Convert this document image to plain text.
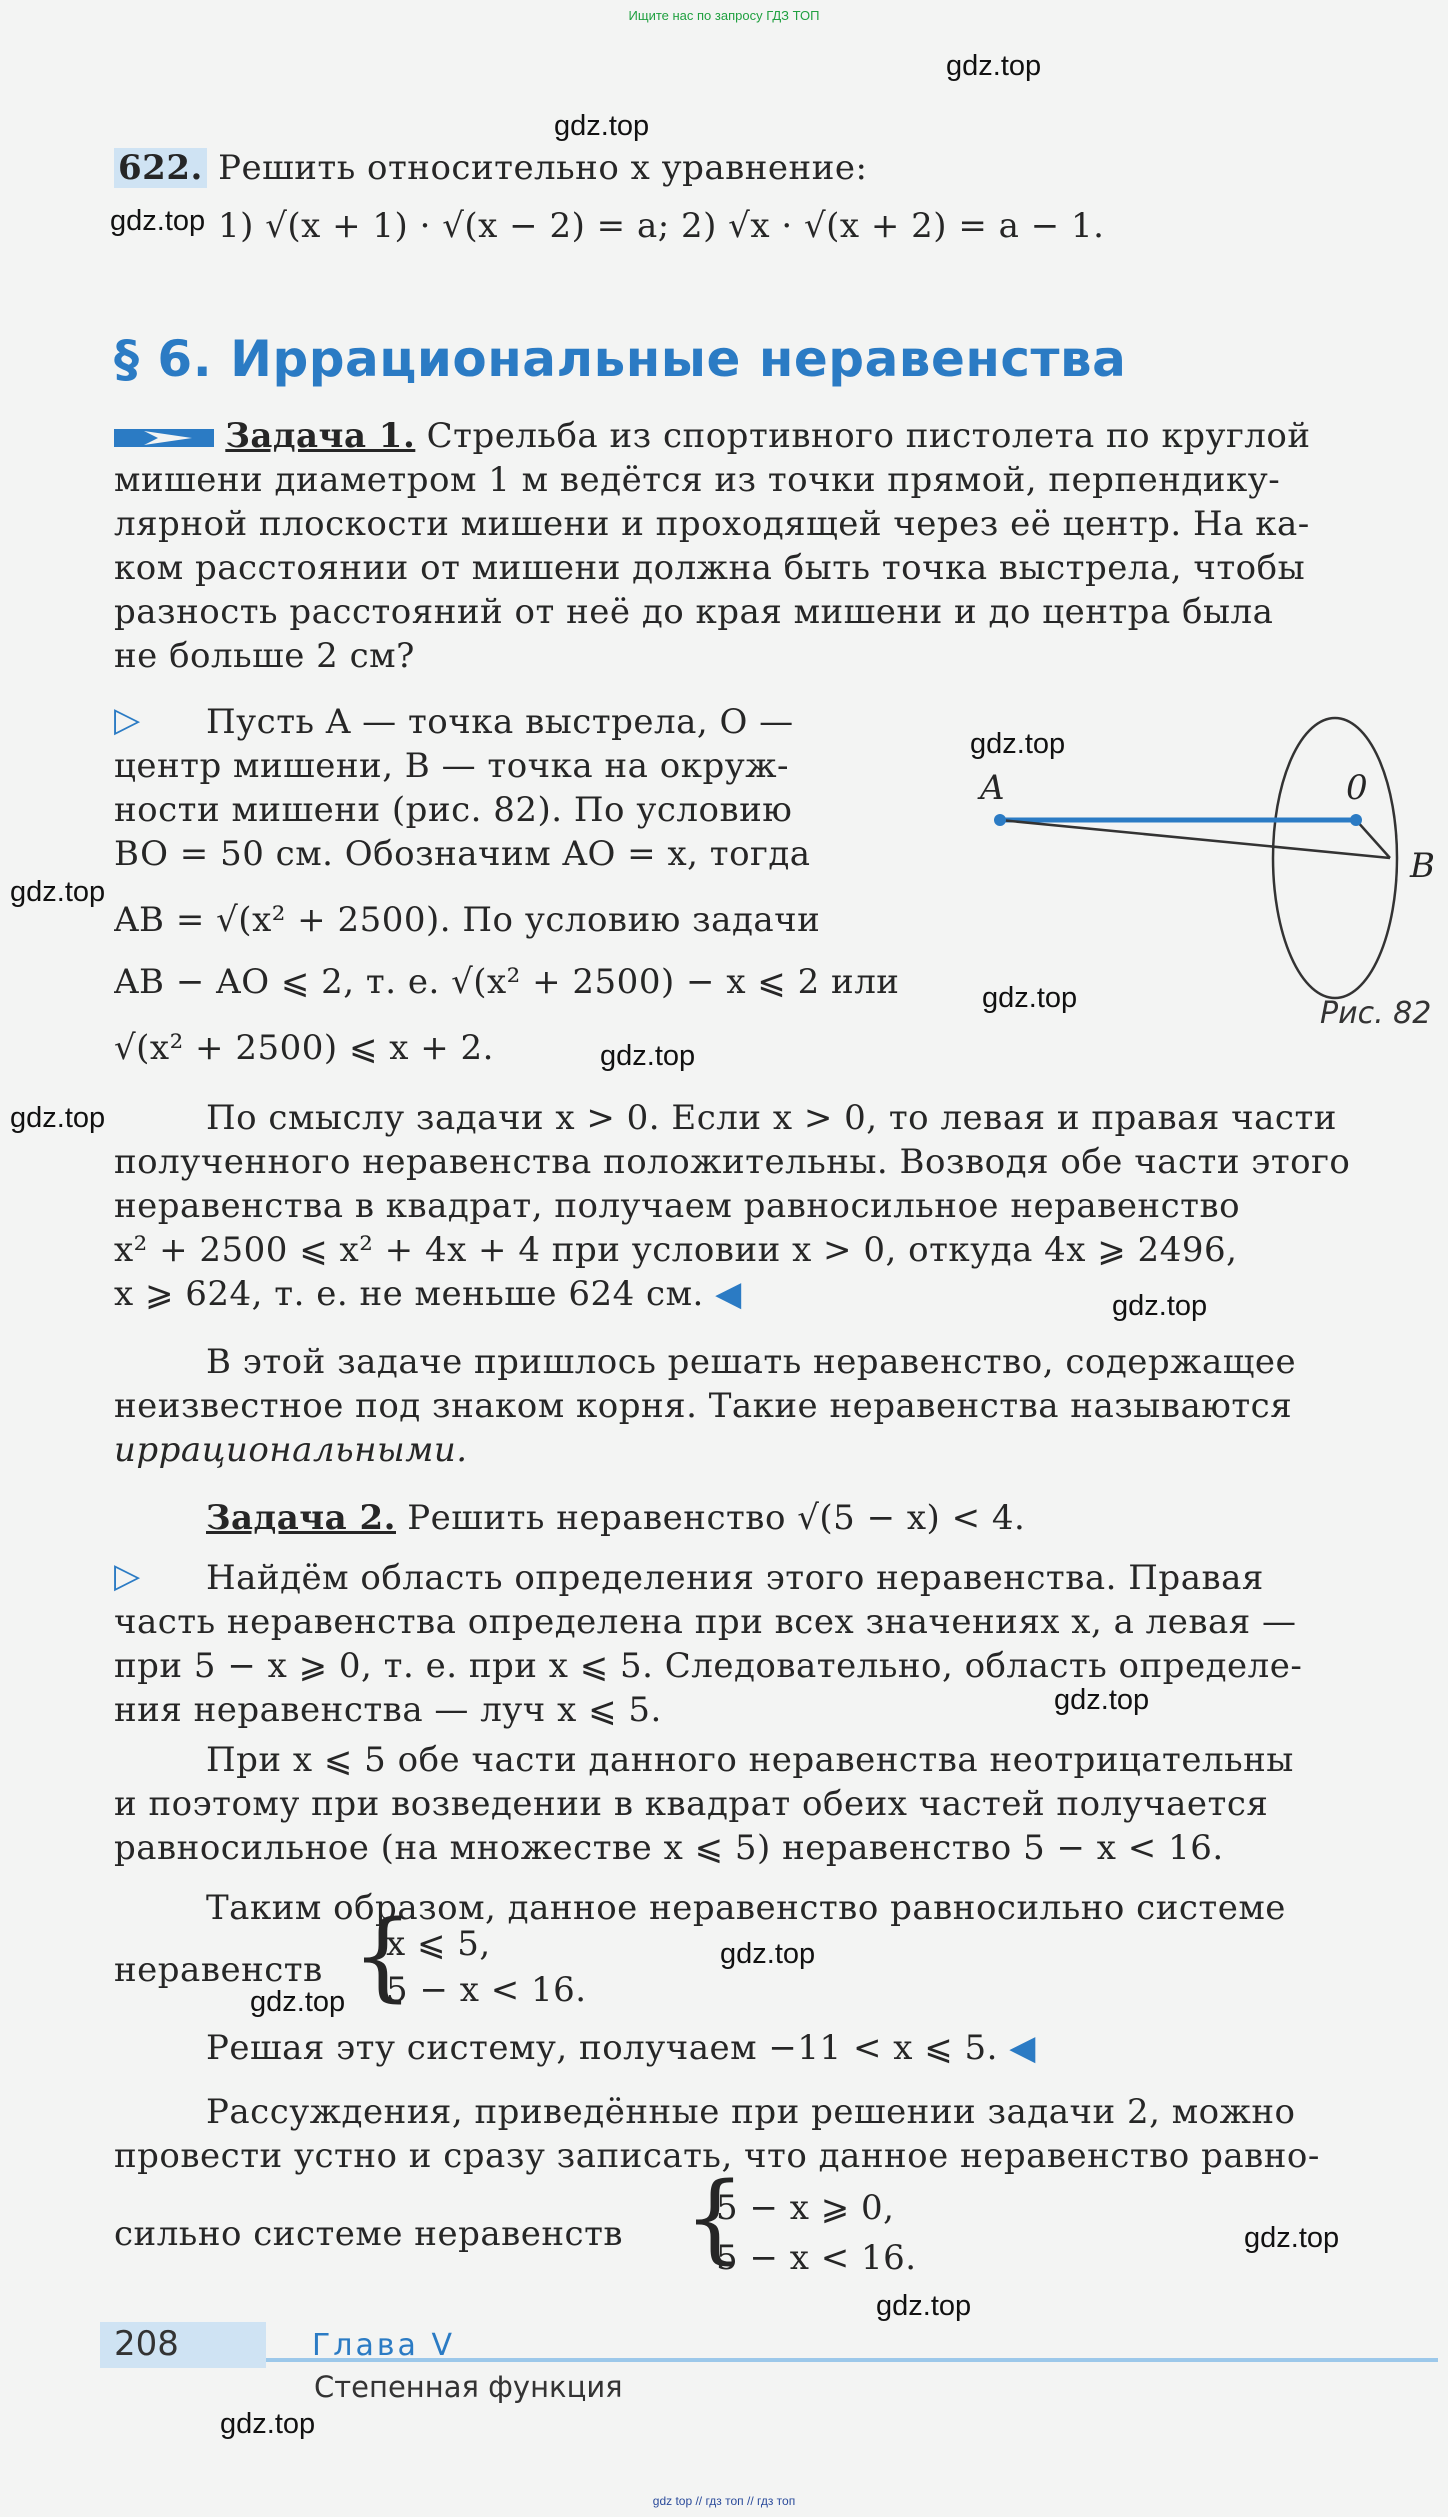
Ищите нас по запросу ГДЗ ТОП
gdz.top
gdz.top
gdz.top
gdz.top
gdz.top
gdz.top
gdz.top
gdz.top
gdz.top
gdz.top
gdz.top
gdz.top
gdz.top
gdz.top
gdz.top
622. Решить относительно x уравнение:
1) √(x + 1) · √(x − 2) = a; 2) √x · √(x + 2) = a − 1.
§ 6. Иррациональные неравенства
Задача 1. Стрельба из спортивного пистолета по круглой
мишени диаметром 1 м ведётся из точки прямой, перпендику-
лярной плоскости мишени и проходящей через её центр. На ка-
ком расстоянии от мишени должна быть точка выстрела, чтобы
разность расстояний от неё до края мишени и до центра была
не больше 2 см?
▷ Пусть A — точка выстрела, O —
центр мишени, B — точка на окруж-
ности мишени (рис. 82). По условию
BO = 50 см. Обозначим AO = x, тогда
AB = √(x² + 2500). По условию задачи
AB − AO ⩽ 2, т. е. √(x² + 2500) − x ⩽ 2 или
√(x² + 2500) ⩽ x + 2.
A	0
B
Рис. 82
По смыслу задачи x > 0. Если x > 0, то левая и правая части
полученного неравенства положительны. Возводя обе части этого
неравенства в квадрат, получаем равносильное неравенство
x² + 2500 ⩽ x² + 4x + 4 при условии x > 0, откуда 4x ⩾ 2496,
x ⩾ 624, т. е. не меньше 624 см. ◀
В этой задаче пришлось решать неравенство, содержащее
неизвестное под знаком корня. Такие неравенства называются
иррациональными.
Задача 2. Решить неравенство √(5 − x) < 4.
▷ Найдём область определения этого неравенства. Правая
часть неравенства определена при всех значениях x, а левая —
при 5 − x ⩾ 0, т. е. при x ⩽ 5. Следовательно, область определе-
ния неравенства — луч x ⩽ 5.
При x ⩽ 5 обе части данного неравенства неотрицательны
и поэтому при возведении в квадрат обеих частей получается
равносильное (на множестве x ⩽ 5) неравенство 5 − x < 16.
Таким образом, данное неравенство равносильно системе
неравенств {
x ⩽ 5,
5 − x < 16.
Решая эту систему, получаем −11 < x ⩽ 5. ◀
Рассуждения, приведённые при решении задачи 2, можно
провести устно и сразу записать, что данное неравенство равно-
сильно системе неравенств {
5 − x ⩾ 0,
5 − x < 16.
208	Глава V
Степенная функция
gdz top // гдз топ // гдз топ
